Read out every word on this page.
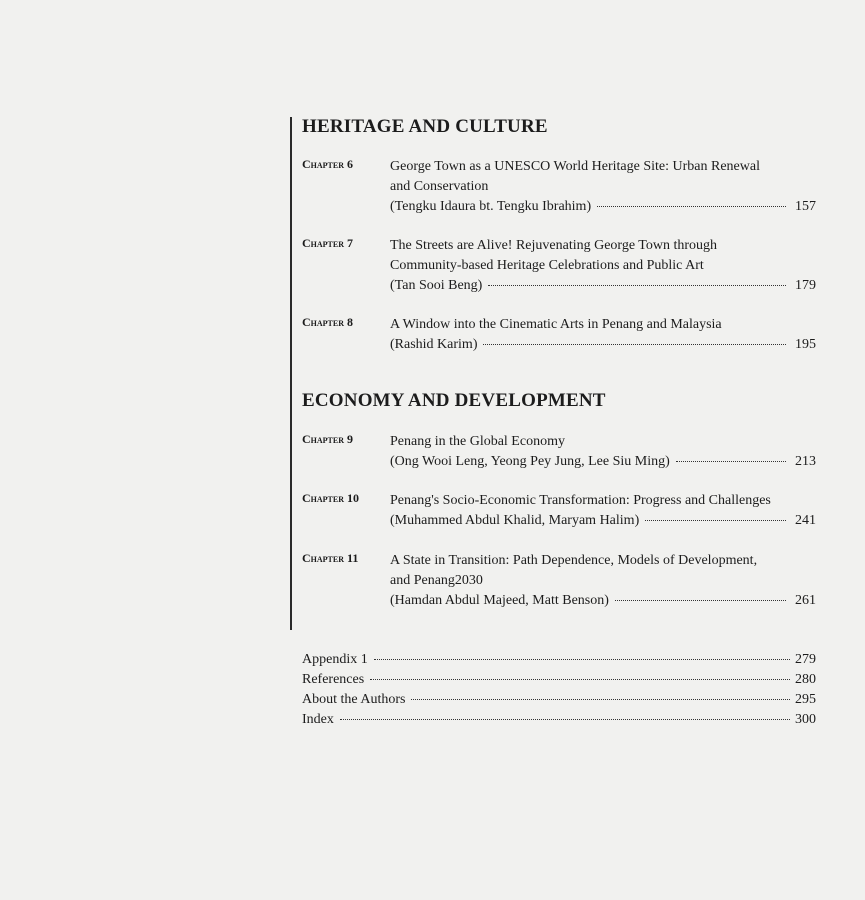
HERITAGE AND CULTURE
Chapter 6	George Town as a UNESCO World Heritage Site: Urban Renewal
and Conservation
(Tengku Idaura bt. Tengku Ibrahim)	157
Chapter 7	The Streets are Alive! Rejuvenating George Town through
Community-based Heritage Celebrations and Public Art
(Tan Sooi Beng)	179
Chapter 8	A Window into the Cinematic Arts in Penang and Malaysia
(Rashid Karim)	195
ECONOMY AND DEVELOPMENT
Chapter 9	Penang in the Global Economy
(Ong Wooi Leng, Yeong Pey Jung, Lee Siu Ming)	213
Chapter 10 Penang's Socio-Economic Transformation: Progress and Challenges
(Muhammed Abdul Khalid, Maryam Halim)	241
Chapter 11 A State in Transition: Path Dependence, Models of Development,
and Penang2030
(Hamdan Abdul Majeed, Matt Benson)	261
Appendix 1	279
References	280
About the Authors	295
Index	300
